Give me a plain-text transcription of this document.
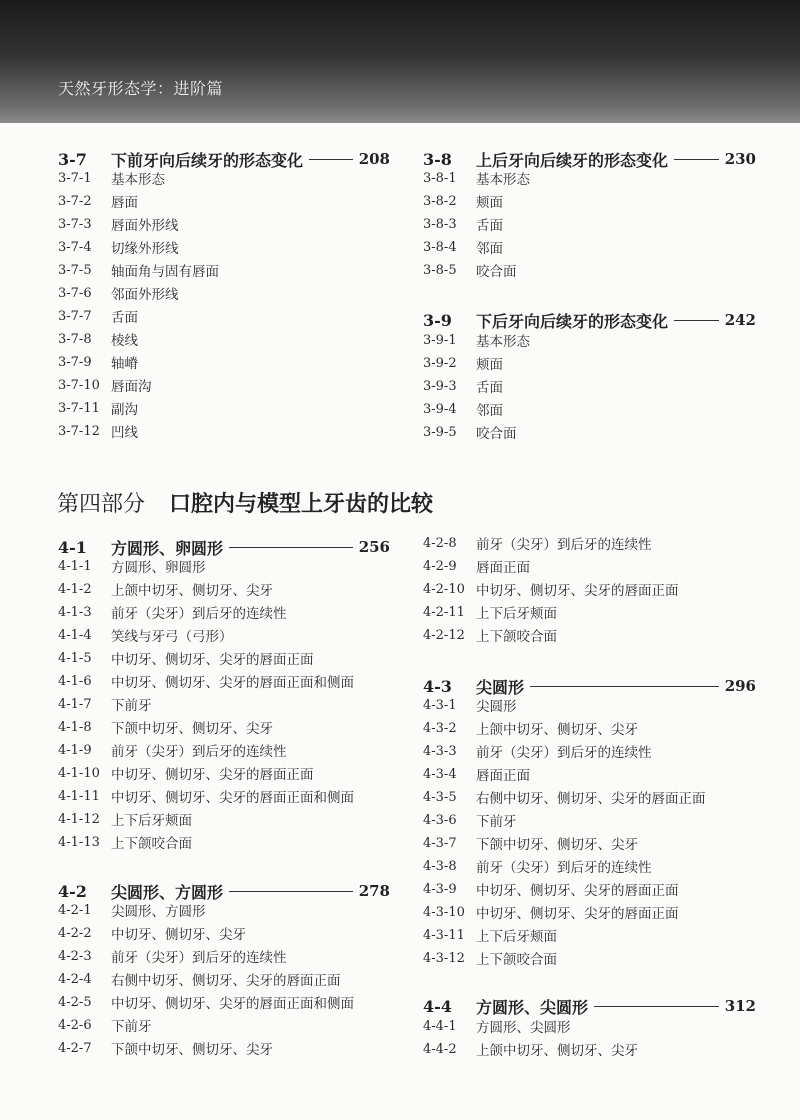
天然牙形态学：进阶篇
3-7	下前牙向后续牙的形态变化	208
3-7-1	基本形态
3-7-2	唇面
3-7-3	唇面外形线
3-7-4	切缘外形线
3-7-5	轴面角与固有唇面
3-7-6	邻面外形线
3-7-7	舌面
3-7-8	棱线
3-7-9	轴嵴
3-7-10 唇面沟
3-7-11 副沟
3-7-12 凹线
3-8	上后牙向后续牙的形态变化	230
3-8-1	基本形态
3-8-2	颊面
3-8-3	舌面
3-8-4	邻面
3-8-5	咬合面
3-9	下后牙向后续牙的形态变化	242
3-9-1	基本形态
3-9-2	颊面
3-9-3	舌面
3-9-4	邻面
3-9-5	咬合面
4-1	方圆形、卵圆形	256
4-1-1	方圆形、卵圆形
4-1-2	上颌中切牙、侧切牙、尖牙
4-1-3	前牙（尖牙）到后牙的连续性
4-1-4	笑线与牙弓（弓形）
4-1-5	中切牙、侧切牙、尖牙的唇面正面
4-1-6	中切牙、侧切牙、尖牙的唇面正面和侧面
4-1-7	下前牙
4-1-8	下颌中切牙、侧切牙、尖牙
4-1-9	前牙（尖牙）到后牙的连续性
4-1-10 中切牙、侧切牙、尖牙的唇面正面
4-1-11 中切牙、侧切牙、尖牙的唇面正面和侧面
4-1-12 上下后牙颊面
4-1-13 上下颌咬合面
4-2	尖圆形、方圆形	278
4-2-1	尖圆形、方圆形
4-2-2	中切牙、侧切牙、尖牙
4-2-3	前牙（尖牙）到后牙的连续性
4-2-4	右侧中切牙、侧切牙、尖牙的唇面正面
4-2-5	中切牙、侧切牙、尖牙的唇面正面和侧面
4-2-6	下前牙
4-2-7	下颌中切牙、侧切牙、尖牙
4-2-8	前牙（尖牙）到后牙的连续性
4-2-9	唇面正面
4-2-10 中切牙、侧切牙、尖牙的唇面正面
4-2-11 上下后牙颊面
4-2-12 上下颌咬合面
4-3	尖圆形	296
4-3-1	尖圆形
4-3-2	上颌中切牙、侧切牙、尖牙
4-3-3	前牙（尖牙）到后牙的连续性
4-3-4	唇面正面
4-3-5	右侧中切牙、侧切牙、尖牙的唇面正面
4-3-6	下前牙
4-3-7	下颌中切牙、侧切牙、尖牙
4-3-8	前牙（尖牙）到后牙的连续性
4-3-9	中切牙、侧切牙、尖牙的唇面正面
4-3-10 中切牙、侧切牙、尖牙的唇面正面
4-3-11 上下后牙颊面
4-3-12 上下颌咬合面
4-4	方圆形、尖圆形	312
4-4-1	方圆形、尖圆形
4-4-2	上颌中切牙、侧切牙、尖牙
第四部分 口腔内与模型上牙齿的比较
